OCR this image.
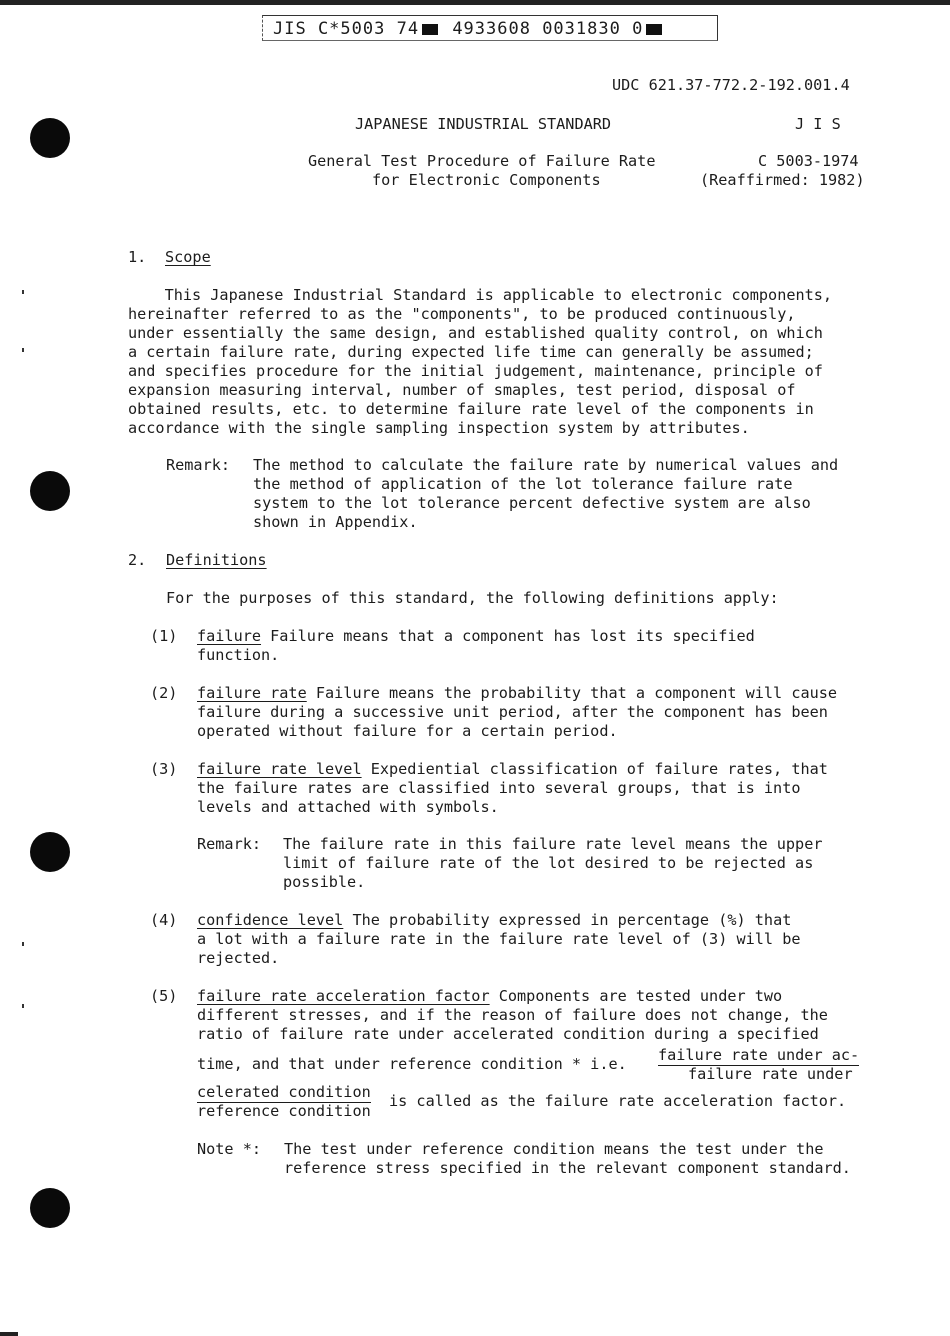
JIS C*5003 74 4933608 0031830 0
UDC 621.37-772.2-192.001.4
JAPANESE INDUSTRIAL STANDARD	J I S
General Test Procedure of Failure Rate
for Electronic Components
C 5003-1974
(Reaffirmed: 1982)
1. Scope
This Japanese Industrial Standard is applicable to electronic components,
hereinafter referred to as the "components", to be produced continuously,
under essentially the same design, and established quality control, on which
a certain failure rate, during expected life time can generally be assumed;
and specifies procedure for the initial judgement, maintenance, principle of
expansion measuring interval, number of smaples, test period, disposal of
obtained results, etc. to determine failure rate level of the components in
accordance with the single sampling inspection system by attributes.
Remark: The method to calculate the failure rate by numerical values and
the method of application of the lot tolerance failure rate
system to the lot tolerance percent defective system are also
shown in Appendix.
2. Definitions
For the purposes of this standard, the following definitions apply:
(1) failure Failure means that a component has lost its specified
function.
(2) failure rate Failure means the probability that a component will cause
failure during a successive unit period, after the component has been
operated without failure for a certain period.
(3) failure rate level Expediential classification of failure rates, that
the failure rates are classified into several groups, that is into
levels and attached with symbols.
Remark: The failure rate in this failure rate level means the upper
limit of failure rate of the lot desired to be rejected as
possible.
(4) confidence level The probability expressed in percentage (%) that
a lot with a failure rate in the failure rate level of (3) will be
rejected.
(5) failure rate acceleration factor Components are tested under two
different stresses, and if the reason of failure does not change, the
ratio of failure rate under accelerated condition during a specified
time, and that under reference condition * i.e. failure rate under ac-
failure rate under
celerated condition
reference condition
is called as the failure rate acceleration factor.
Note *: The test under reference condition means the test under the
reference stress specified in the relevant component standard.
